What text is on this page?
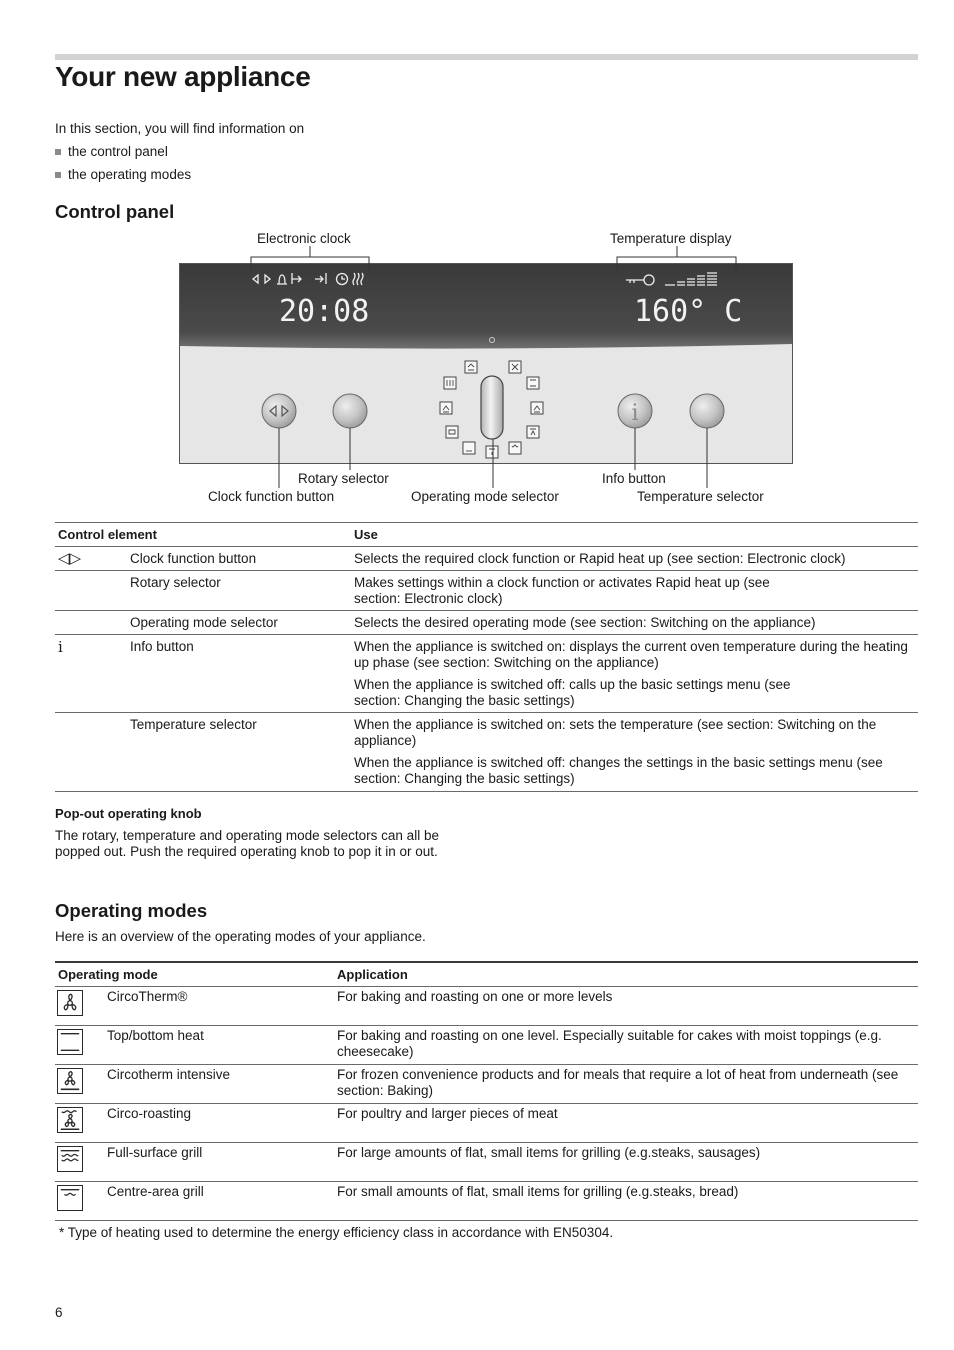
Your new appliance
In this section, you will find information on
the control panel
the operating modes
Control panel
20:08	160° C
i
Electronic clock	Temperature display
Rotary selector	Info button
Clock function button	Operating mode selector	Temperature selector
Control element		Use
◁▷	Clock function button	Selects the required clock function or Rapid heat up (see section: Electronic clock)
	Rotary selector	Makes settings within a clock function or activates Rapid heat up (see section: Electronic clock)
	Operating mode selector	Selects the desired operating mode (see section: Switching on the appliance)
i	Info button	When the appliance is switched on: displays the current oven temperature during the heating up phase (see section: Switching on the appliance)
When the appliance is switched off: calls up the basic settings menu (see section: Changing the basic settings)

	Temperature selector	When the appliance is switched on: sets the temperature (see section: Switching on the appliance)
When the appliance is switched off: changes the settings in the basic settings menu (see section: Changing the basic settings)
Pop-out operating knob
The rotary, temperature and operating mode selectors can all be popped out. Push the required operating knob to pop it in or out.
Operating modes
Here is an overview of the operating modes of your appliance.
Operating mode		Application

	CircoTherm®	For baking and roasting on one or more levels

	Top/bottom heat	For baking and roasting on one level. Especially suitable for cakes with moist toppings (e.g. cheesecake)

	Circotherm intensive	For frozen convenience products and for meals that require a lot of heat from underneath (see section: Baking)

	Circo-roasting	For poultry and larger pieces of meat

	Full-surface grill	For large amounts of flat, small items for grilling (e.g.steaks, sausages)

	Centre-area grill	For small amounts of flat, small items for grilling (e.g.steaks, bread)
* Type of heating used to determine the energy efficiency class in accordance with EN50304.
6
